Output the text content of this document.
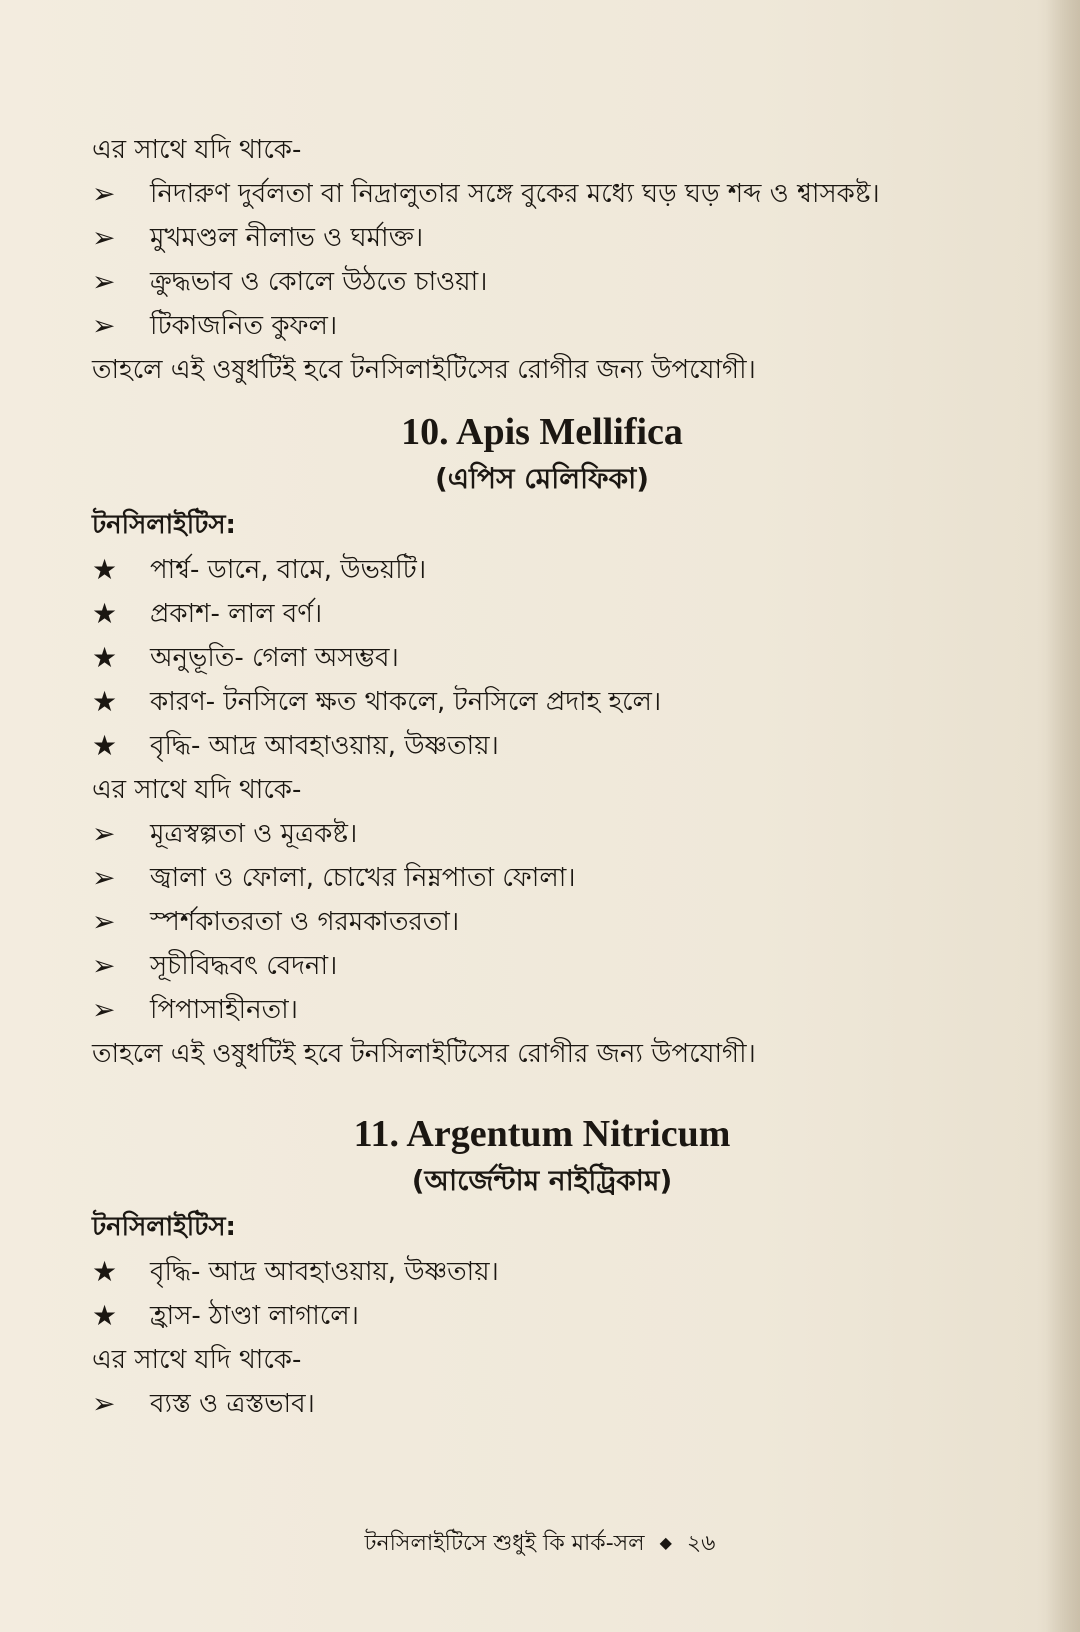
এর সাথে যদি থাকে-
➢	নিদারুণ দুর্বলতা বা নিদ্রালুতার সঙ্গে বুকের মধ্যে ঘড় ঘড় শব্দ ও শ্বাসকষ্ট।
➢	মুখমণ্ডল নীলাভ ও ঘর্মাক্ত।
➢	ক্রুদ্ধভাব ও কোলে উঠতে চাওয়া।
➢	টিকাজনিত কুফল।
তাহলে এই ওষুধটিই হবে টনসিলাইটিসের রোগীর জন্য উপযোগী।
10. Apis Mellifica
(এপিস মেলিফিকা)
টনসিলাইটিস:
★	পার্শ্ব- ডানে, বামে, উভয়টি।
★	প্রকাশ- লাল বর্ণ।
★	অনুভূতি- গেলা অসম্ভব।
★	কারণ- টনসিলে ক্ষত থাকলে, টনসিলে প্রদাহ হলে।
★	বৃদ্ধি- আদ্র আবহাওয়ায়, উষ্ণতায়।
এর সাথে যদি থাকে-
➢	মূত্রস্বল্পতা ও মূত্রকষ্ট।
➢	জ্বালা ও ফোলা, চোখের নিম্নপাতা ফোলা।
➢	স্পর্শকাতরতা ও গরমকাতরতা।
➢	সূচীবিদ্ধবৎ বেদনা।
➢	পিপাসাহীনতা।
তাহলে এই ওষুধটিই হবে টনসিলাইটিসের রোগীর জন্য উপযোগী।
11. Argentum Nitricum
(আর্জেন্টাম নাইট্রিকাম)
টনসিলাইটিস:
★	বৃদ্ধি- আদ্র আবহাওয়ায়, উষ্ণতায়।
★	হ্রাস- ঠাণ্ডা লাগালে।
এর সাথে যদি থাকে-
➢	ব্যস্ত ও ত্রস্তভাব।
টনসিলাইটিসে শুধুই কি মার্ক-সল ◆ ২৬
